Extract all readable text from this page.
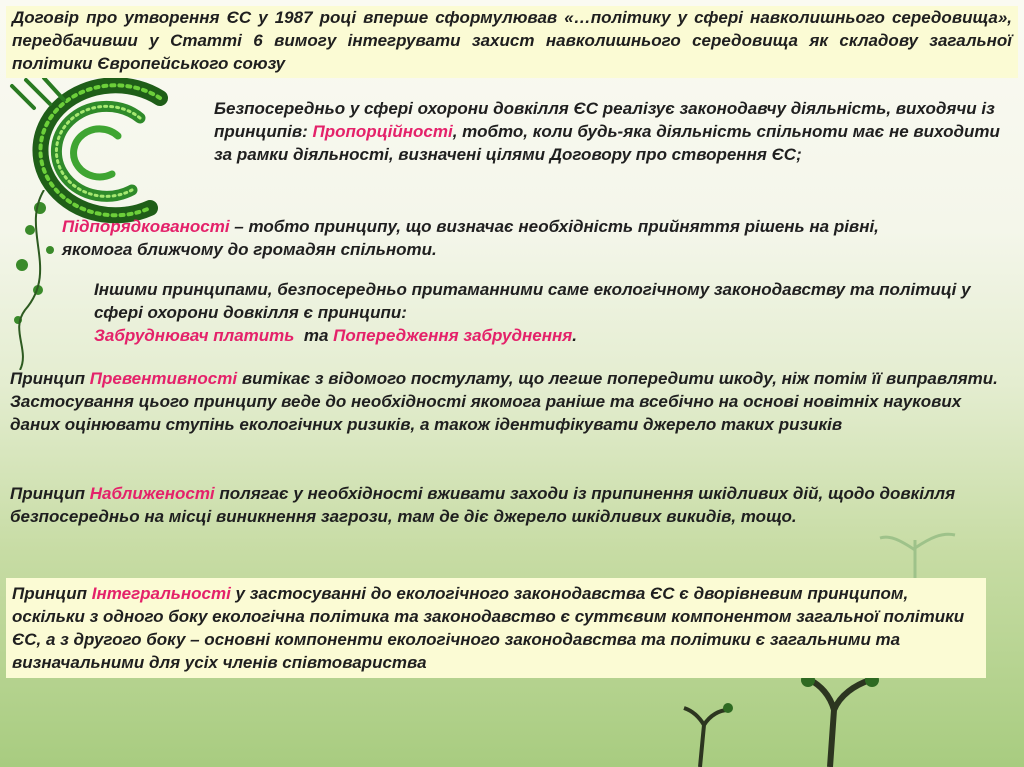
Договір про утворення ЄС у 1987 році вперше сформулював «…політику у сфері навколишнього середовища», передбачивши у Статті 6 вимогу інтегрувати захист навколишнього середовища як складову загальної політики Європейського союзу

Безпосередньо у сфері охорони довкілля ЄС реалізує законодавчу діяльність, виходячи із принципів: Пропорційності, тобто, коли будь-яка діяльність спільноти має не виходити за рамки діяльності, визначені цілями Договору про створення ЄС;

Підпорядкованості – тобто принципу, що визначає необхідність прийняття рішень на рівні, якомога ближчому до громадян спільноти.

Іншими принципами, безпосередньо притаманними саме екологічному законодавству та політиці у сфері охорони довкілля є принципи:
Забруднювач платить та Попередження забруднення.

Принцип Превентивності витікає з відомого постулату, що легше попередити шкоду, ніж потім її виправляти. Застосування цього принципу веде до необхідності якомога раніше та всебічно на основі новітніх наукових даних оцінювати ступінь екологічних ризиків, а також ідентифікувати джерело таких ризиків

Принцип Наближеності полягає у необхідності вживати заходи із припинення шкідливих дій, щодо довкілля безпосередньо на місці виникнення загрози, там де діє джерело шкідливих викидів, тощо.

Принцип Інтегральності у застосуванні до екологічного законодавства ЄС є дворівневим принципом, оскільки з одного боку екологічна політика та законодавство є суттєвим компонентом загальної політики ЄС, а з другого боку – основні компоненти екологічного законодавства та політики є загальними та визначальними для усіх членів співтовариства
